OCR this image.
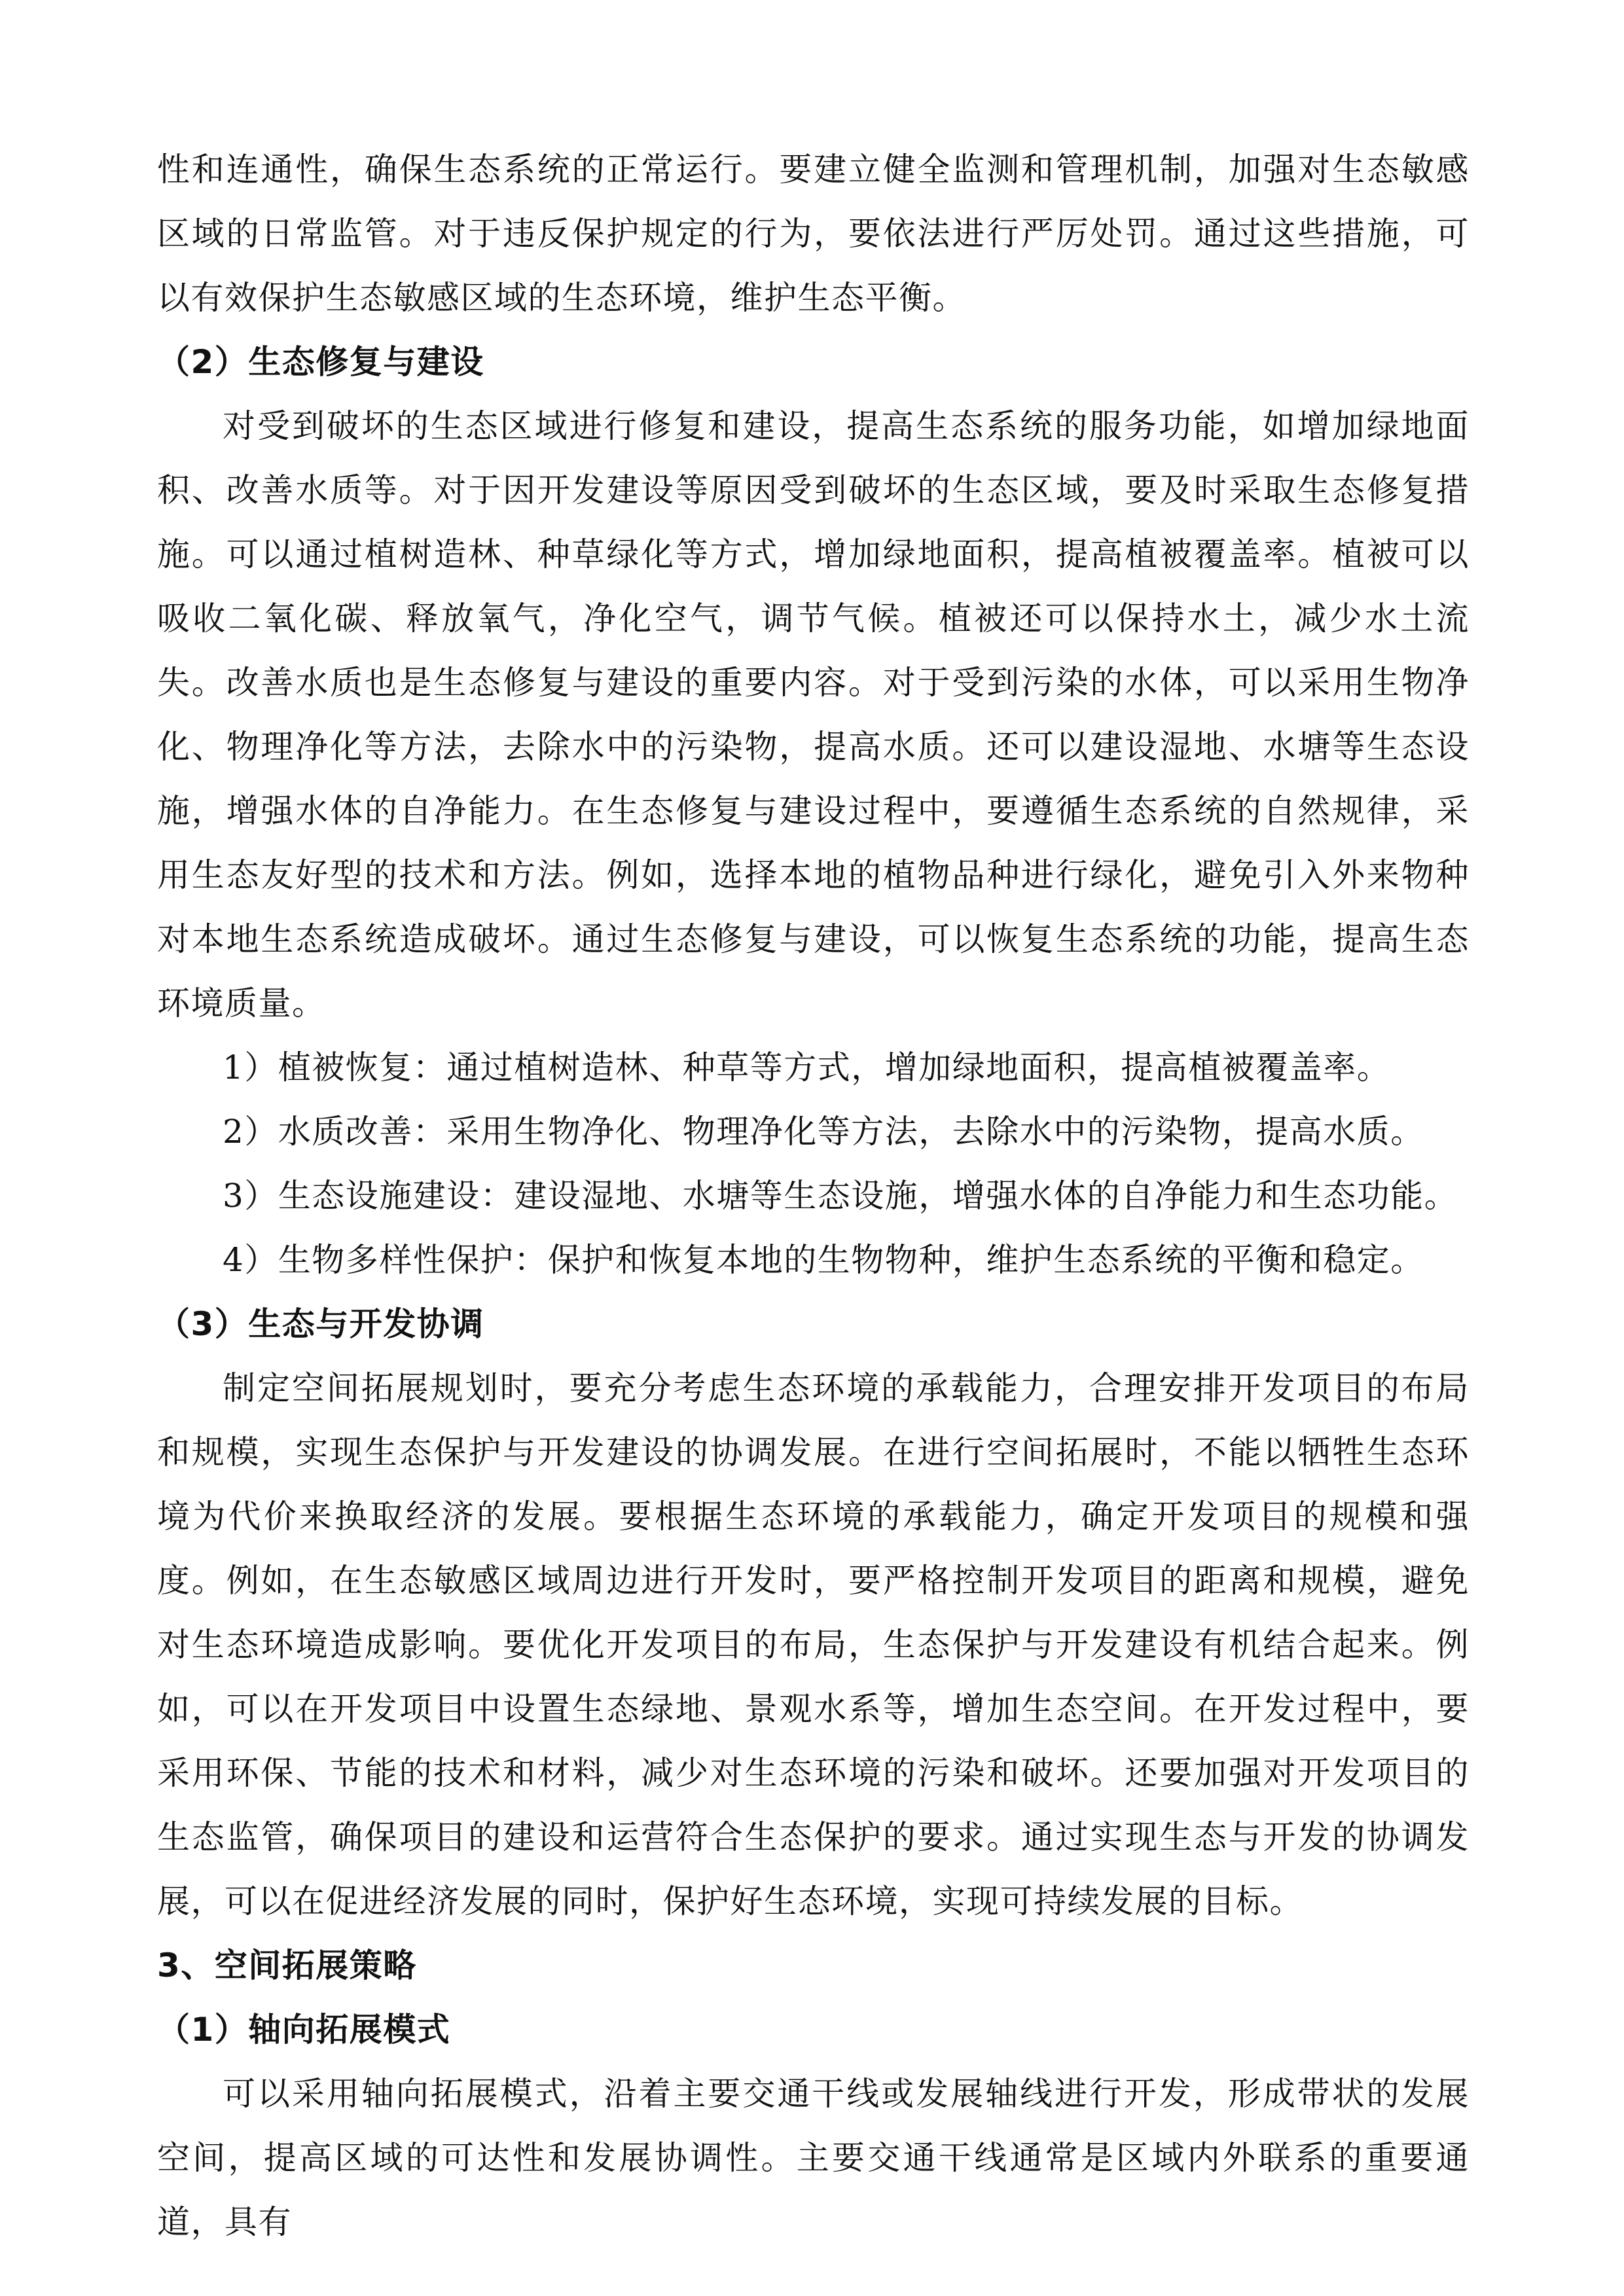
性和连通性，确保生态系统的正常运行。要建立健全监测和管理机制，加强对生态敏感区域的日常监管。对于违反保护规定的行为，要依法进行严厉处罚。通过这些措施，可以有效保护生态敏感区域的生态环境，维护生态平衡。

（2）生态修复与建设

对受到破坏的生态区域进行修复和建设，提高生态系统的服务功能，如增加绿地面积、改善水质等。对于因开发建设等原因受到破坏的生态区域，要及时采取生态修复措施。可以通过植树造林、种草绿化等方式，增加绿地面积，提高植被覆盖率。植被可以吸收二氧化碳、释放氧气，净化空气，调节气候。植被还可以保持水土，减少水土流失。改善水质也是生态修复与建设的重要内容。对于受到污染的水体，可以采用生物净化、物理净化等方法，去除水中的污染物，提高水质。还可以建设湿地、水塘等生态设施，增强水体的自净能力。在生态修复与建设过程中，要遵循生态系统的自然规律，采用生态友好型的技术和方法。例如，选择本地的植物品种进行绿化，避免引入外来物种对本地生态系统造成破坏。通过生态修复与建设，可以恢复生态系统的功能，提高生态环境质量。

1）植被恢复：通过植树造林、种草等方式，增加绿地面积，提高植被覆盖率。

2）水质改善：采用生物净化、物理净化等方法，去除水中的污染物，提高水质。

3）生态设施建设：建设湿地、水塘等生态设施，增强水体的自净能力和生态功能。

4）生物多样性保护：保护和恢复本地的生物物种，维护生态系统的平衡和稳定。

（3）生态与开发协调

制定空间拓展规划时，要充分考虑生态环境的承载能力，合理安排开发项目的布局和规模，实现生态保护与开发建设的协调发展。在进行空间拓展时，不能以牺牲生态环境为代价来换取经济的发展。要根据生态环境的承载能力，确定开发项目的规模和强度。例如，在生态敏感区域周边进行开发时，要严格控制开发项目的距离和规模，避免对生态环境造成影响。要优化开发项目的布局，生态保护与开发建设有机结合起来。例如，可以在开发项目中设置生态绿地、景观水系等，增加生态空间。在开发过程中，要采用环保、节能的技术和材料，减少对生态环境的污染和破坏。还要加强对开发项目的生态监管，确保项目的建设和运营符合生态保护的要求。通过实现生态与开发的协调发展，可以在促进经济发展的同时，保护好生态环境，实现可持续发展的目标。

3、空间拓展策略

（1）轴向拓展模式

可以采用轴向拓展模式，沿着主要交通干线或发展轴线进行开发，形成带状的发展空间，提高区域的可达性和发展协调性。主要交通干线通常是区域内外联系的重要通道，具有
